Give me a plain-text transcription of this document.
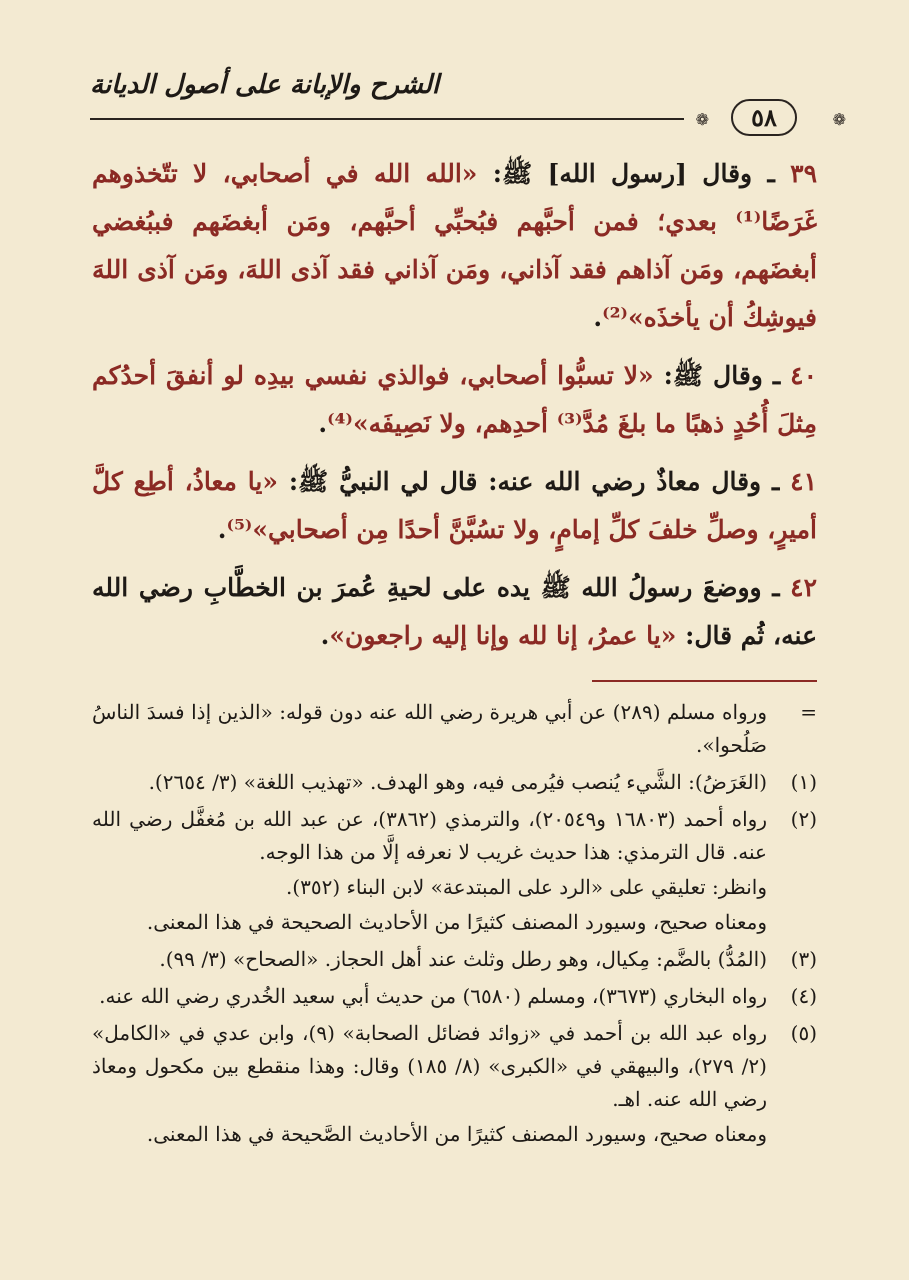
الشرح والإبانة على أصول الديانة
❁	٥٨	❁

٣٩ ـ وقال [رسول الله] ﷺ: «الله الله في أصحابي، لا تتّخذوهم غَرَضًا⁽¹⁾ بعدي؛ فمن أحبَّهم فبُحبِّي أحبَّهم، ومَن أبغضَهم فببُغضي أبغضَهم، ومَن آذاهم فقد آذاني، ومَن آذاني فقد آذى اللهَ، ومَن آذى اللهَ فيوشِكُ أن يأخذَه»⁽²⁾.

٤٠ ـ وقال ﷺ: «لا تسبُّوا أصحابي، فوالذي نفسي بيدِه لو أنفقَ أحدُكم مِثلَ أُحُدٍ ذهبًا ما بلغَ مُدَّ⁽³⁾ أحدِهم، ولا نَصِيفَه»⁽⁴⁾.

٤١ ـ وقال معاذٌ رضي الله عنه: قال لي النبيُّ ﷺ: «يا معاذُ، أطِع كلَّ أميرٍ، وصلِّ خلفَ كلِّ إمامٍ، ولا تسُبَّنَّ أحدًا مِن أصحابي»⁽⁵⁾.

٤٢ ـ ووضعَ رسولُ الله ﷺ يده على لحيةِ عُمرَ بن الخطَّابِ رضي الله عنه، ثُم قال: «يا عمرُ، إنا لله وإنا إليه راجعون».

=

ورواه مسلم (٢٨٩) عن أبي هريرة رضي الله عنه دون قوله: «الذين إذا فسدَ الناسُ صَلُحوا».

(١)

(الغَرَضُ): الشَّيء يُنصب فيُرمى فيه، وهو الهدف. «تهذيب اللغة» (٣/ ٢٦٥٤).

(٢)

رواه أحمد (١٦٨٠٣ و٢٠٥٤٩)، والترمذي (٣٨٦٢)، عن عبد الله بن مُغفَّل رضي الله عنه. قال الترمذي: هذا حديث غريب لا نعرفه إلَّا من هذا الوجه.

وانظر: تعليقي على «الرد على المبتدعة» لابن البناء (٣٥٢).

ومعناه صحيح، وسيورد المصنف كثيرًا من الأحاديث الصحيحة في هذا المعنى.

(٣)

(المُدُّ) بالضَّم: مِكيال، وهو رطل وثلث عند أهل الحجاز. «الصحاح» (٣/ ٩٩).

(٤)

رواه البخاري (٣٦٧٣)، ومسلم (٦٥٨٠) من حديث أبي سعيد الخُدري رضي الله عنه.

(٥)

رواه عبد الله بن أحمد في «زوائد فضائل الصحابة» (٩)، وابن عدي في «الكامل» (٢/ ٢٧٩)، والبيهقي في «الكبرى» (٨/ ١٨٥) وقال: وهذا منقطع بين مكحول ومعاذ رضي الله عنه. اهـ.

ومعناه صحيح، وسيورد المصنف كثيرًا من الأحاديث الصَّحيحة في هذا المعنى.
